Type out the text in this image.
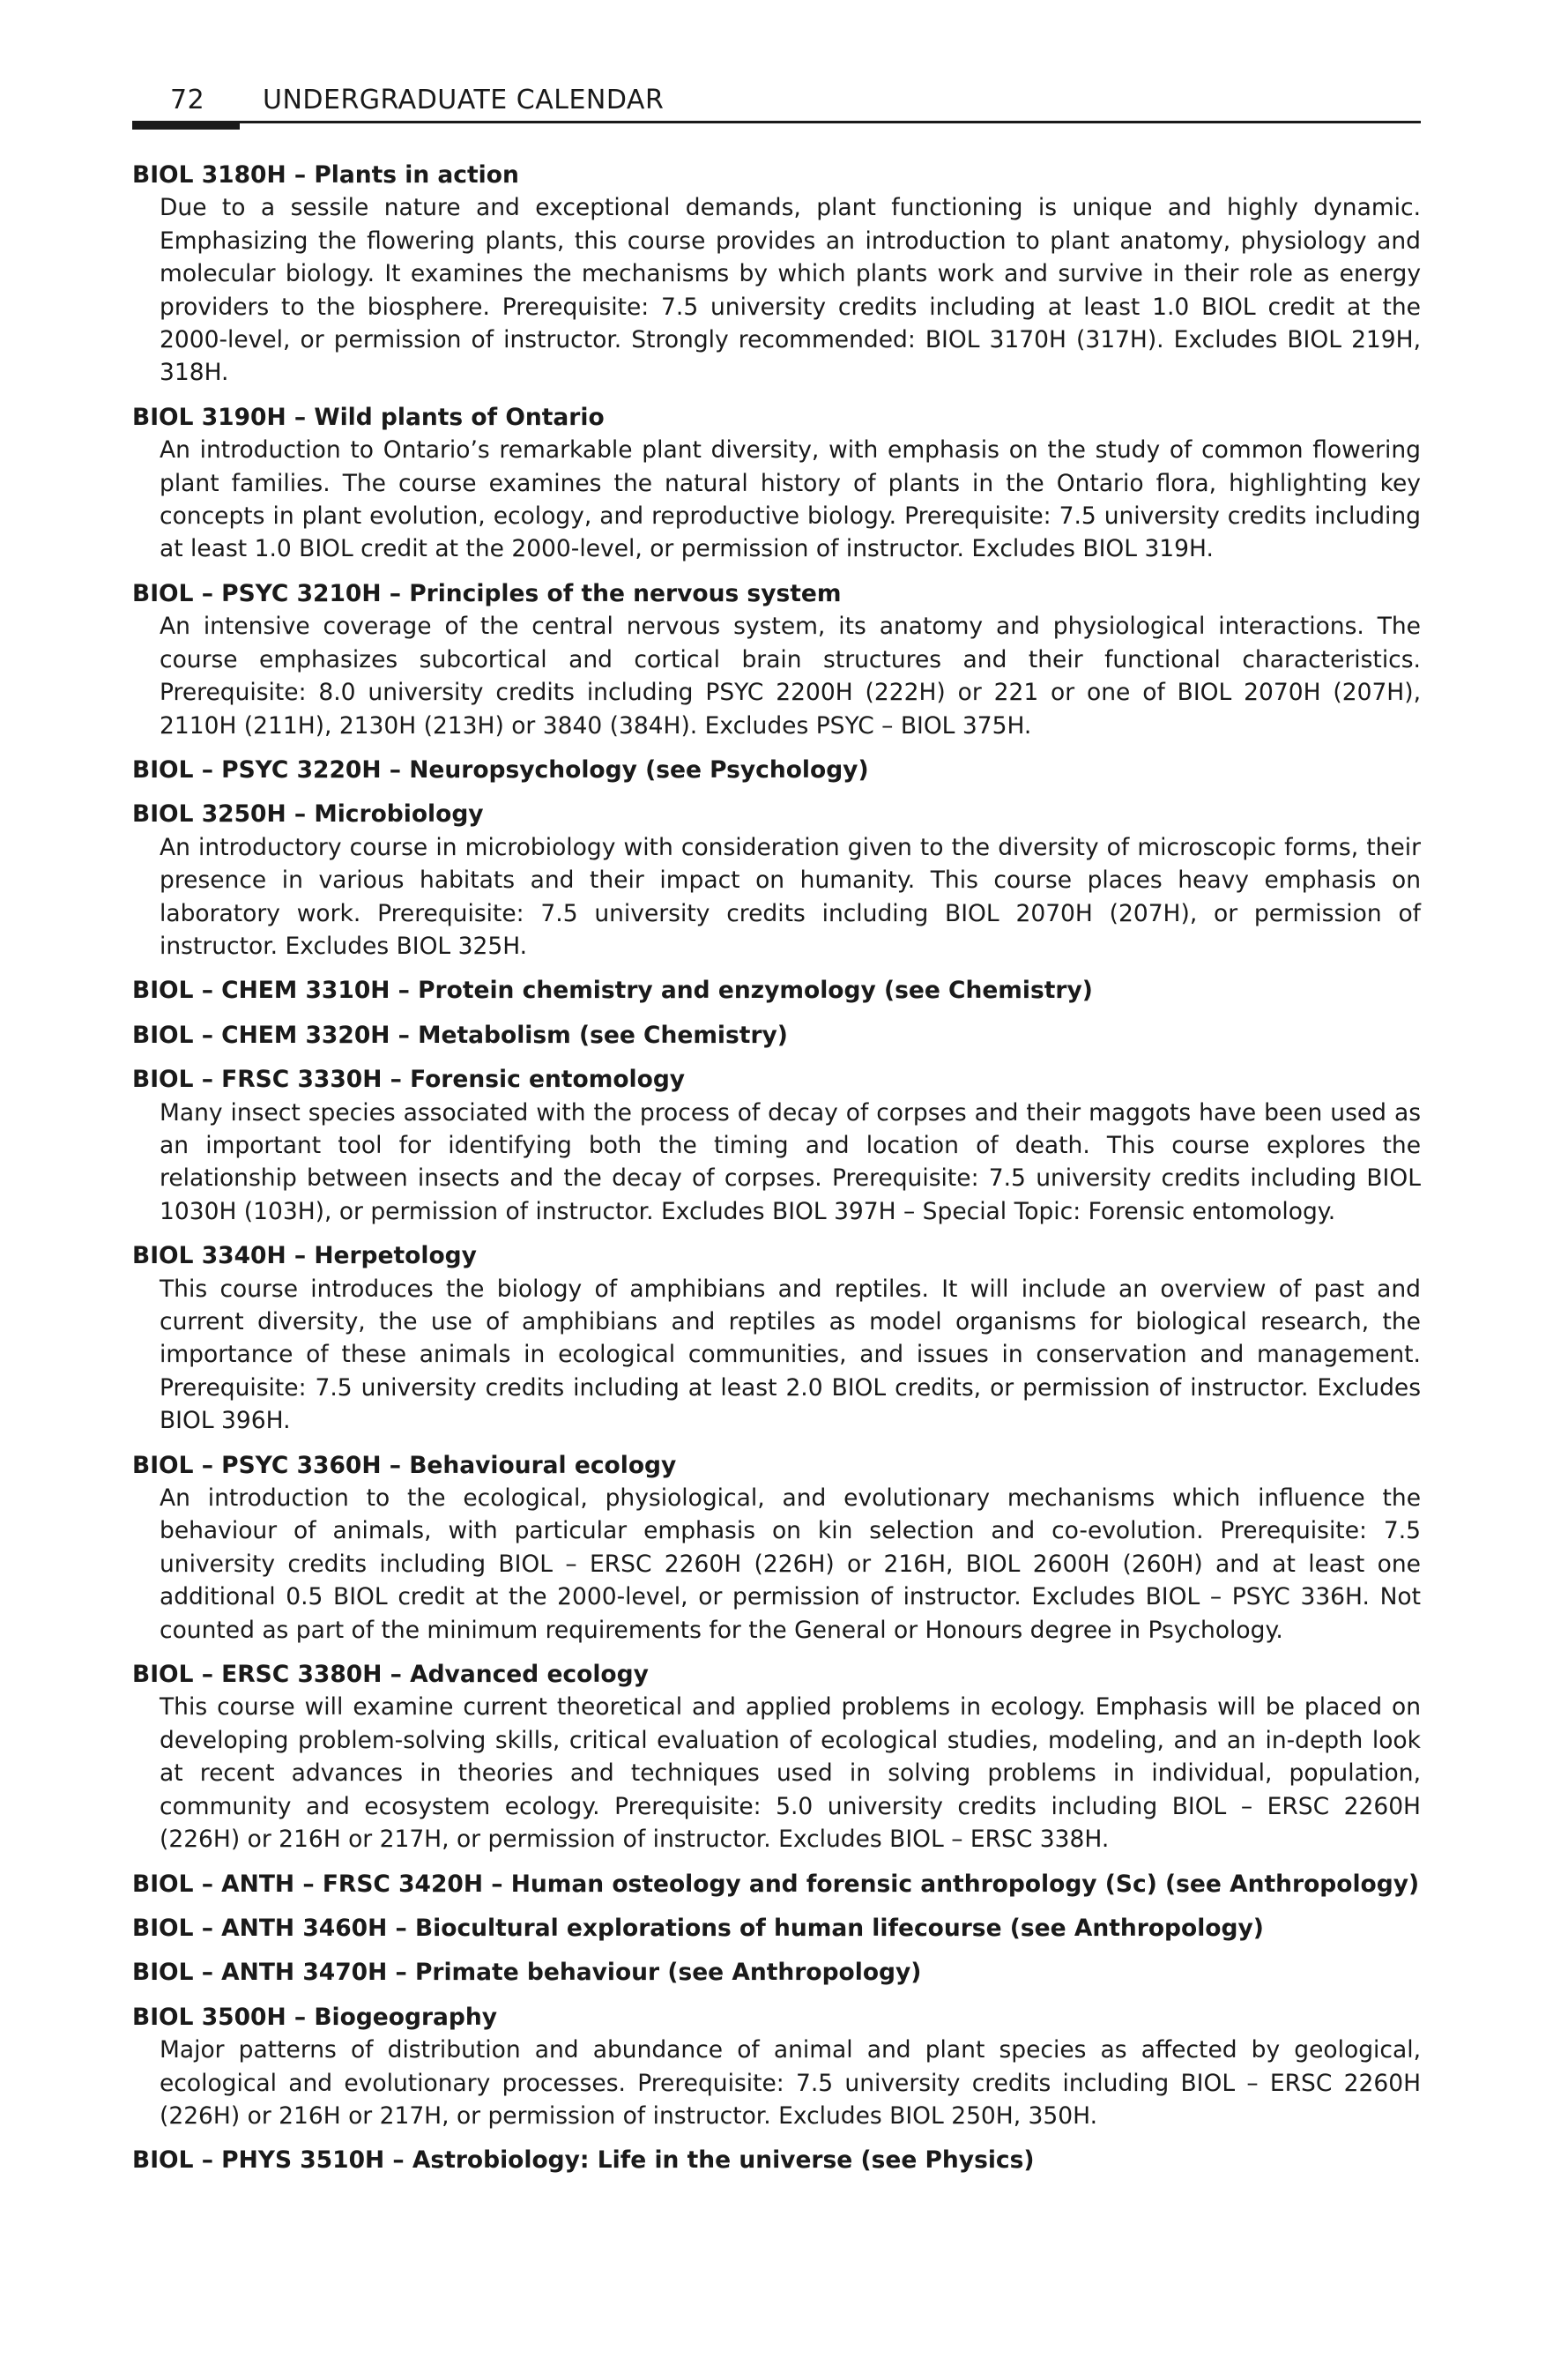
72 UNDERGRADUATE CALENDAR
BIOL 3180H – Plants in action
Due to a sessile nature and exceptional demands, plant functioning is unique and highly dynamic. Emphasizing the flowering plants, this course provides an introduction to plant anatomy, physiology and molecular biology. It examines the mechanisms by which plants work and survive in their role as energy providers to the biosphere. Prerequisite: 7.5 university credits including at least 1.0 BIOL credit at the 2000-level, or permission of instructor. Strongly recommended: BIOL 3170H (317H). Excludes BIOL 219H, 318H.
BIOL 3190H – Wild plants of Ontario
An introduction to Ontario’s remarkable plant diversity, with emphasis on the study of common flowering plant families. The course examines the natural history of plants in the Ontario flora, highlighting key concepts in plant evolution, ecology, and reproductive biology. Prerequisite: 7.5 university credits including at least 1.0 BIOL credit at the 2000-level, or permission of instructor. Excludes BIOL 319H.
BIOL – PSYC 3210H – Principles of the nervous system
An intensive coverage of the central nervous system, its anatomy and physiological interactions. The course emphasizes subcortical and cortical brain structures and their functional characteristics. Prerequisite: 8.0 university credits including PSYC 2200H (222H) or 221 or one of BIOL 2070H (207H), 2110H (211H), 2130H (213H) or 3840 (384H). Excludes PSYC – BIOL 375H.
BIOL – PSYC 3220H – Neuropsychology (see Psychology)
BIOL 3250H – Microbiology
An introductory course in microbiology with consideration given to the diversity of microscopic forms, their presence in various habitats and their impact on humanity. This course places heavy emphasis on laboratory work. Prerequisite: 7.5 university credits including BIOL 2070H (207H), or permission of instructor. Excludes BIOL 325H.
BIOL – CHEM 3310H – Protein chemistry and enzymology (see Chemistry)
BIOL – CHEM 3320H – Metabolism (see Chemistry)
BIOL – FRSC 3330H – Forensic entomology
Many insect species associated with the process of decay of corpses and their maggots have been used as an important tool for identifying both the timing and location of death. This course explores the relationship between insects and the decay of corpses. Prerequisite: 7.5 university credits including BIOL 1030H (103H), or permission of instructor. Excludes BIOL 397H – Special Topic: Forensic entomology.
BIOL 3340H – Herpetology
This course introduces the biology of amphibians and reptiles. It will include an overview of past and current diversity, the use of amphibians and reptiles as model organisms for biological research, the importance of these animals in ecological communities, and issues in conservation and management. Prerequisite: 7.5 university credits including at least 2.0 BIOL credits, or permission of instructor. Excludes BIOL 396H.
BIOL – PSYC 3360H – Behavioural ecology
An introduction to the ecological, physiological, and evolutionary mechanisms which influence the behaviour of animals, with particular emphasis on kin selection and co-evolution. Prerequisite: 7.5 university credits including BIOL – ERSC 2260H (226H) or 216H, BIOL 2600H (260H) and at least one additional 0.5 BIOL credit at the 2000-level, or permission of instructor. Excludes BIOL – PSYC 336H. Not counted as part of the minimum requirements for the General or Honours degree in Psychology.
BIOL – ERSC 3380H – Advanced ecology
This course will examine current theoretical and applied problems in ecology. Emphasis will be placed on developing problem-solving skills, critical evaluation of ecological studies, modeling, and an in-depth look at recent advances in theories and techniques used in solving problems in individual, population, community and ecosystem ecology. Prerequisite: 5.0 university credits including BIOL – ERSC 2260H (226H) or 216H or 217H, or permission of instructor. Excludes BIOL – ERSC 338H.
BIOL – ANTH – FRSC 3420H – Human osteology and forensic anthropology (Sc) (see Anthropology)
BIOL – ANTH 3460H – Biocultural explorations of human lifecourse (see Anthropology)
BIOL – ANTH 3470H – Primate behaviour (see Anthropology)
BIOL 3500H – Biogeography
Major patterns of distribution and abundance of animal and plant species as affected by geological, ecological and evolutionary processes. Prerequisite: 7.5 university credits including BIOL – ERSC 2260H (226H) or 216H or 217H, or permission of instructor. Excludes BIOL 250H, 350H.
BIOL – PHYS 3510H – Astrobiology: Life in the universe (see Physics)
